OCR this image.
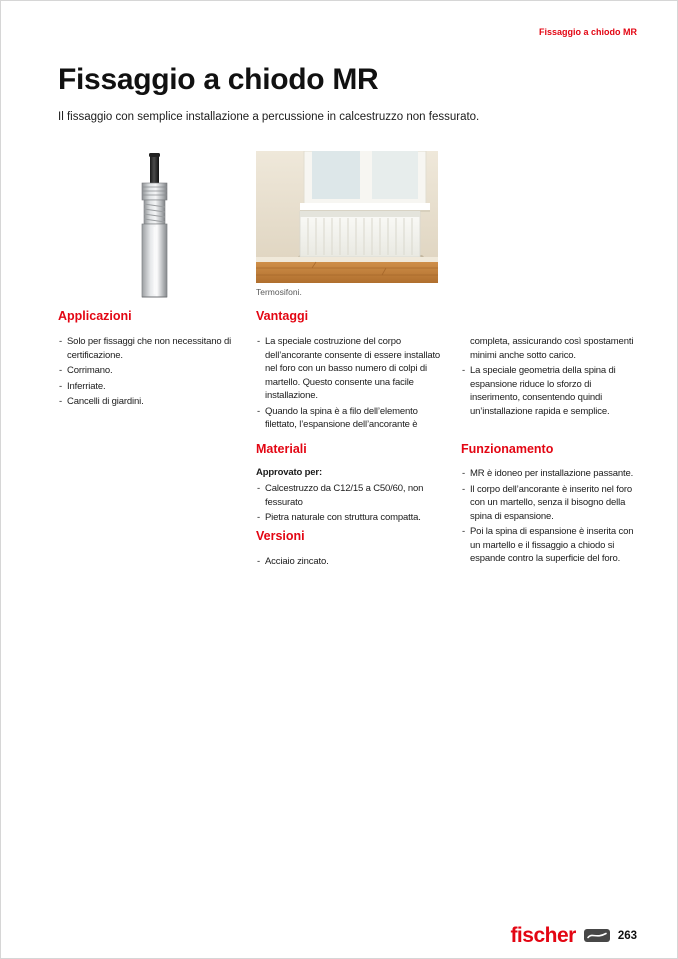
Fissaggio a chiodo MR
Fissaggio a chiodo MR

Il fissaggio con semplice installazione a percussione in calcestruzzo non fessurato.

Termosifoni.
Applicazioni
- Solo per fissaggi che non necessitano di certificazione.
- Corrimano.
- Inferriate.
- Cancelli di giardini.
Vantaggi
- La speciale costruzione del corpo dell’ancorante consente di essere installato nel foro con un basso numero di colpi di martello. Questo consente una facile installazione.
- Quando la spina è a filo dell’elemento filettato, l’espansione dell’ancorante è
Materiali
Approvato per:
- Calcestruzzo da C12/15 a C50/60, non fessurato
- Pietra naturale con struttura compatta.
Versioni
- Acciaio zincato.

completa, assicurando così spostamenti minimi anche sotto carico.

- La speciale geometria della spina di espansione riduce lo sforzo di inserimento, consentendo quindi un’installazione rapida e semplice.
Funzionamento
- MR è idoneo per installazione passante.
- Il corpo dell’ancorante è inserito nel foro con un martello, senza il bisogno della spina di espansione.
- Poi la spina di espansione è inserita con un martello e il fissaggio a chiodo si espande contro la superficie del foro.
fischer	263
